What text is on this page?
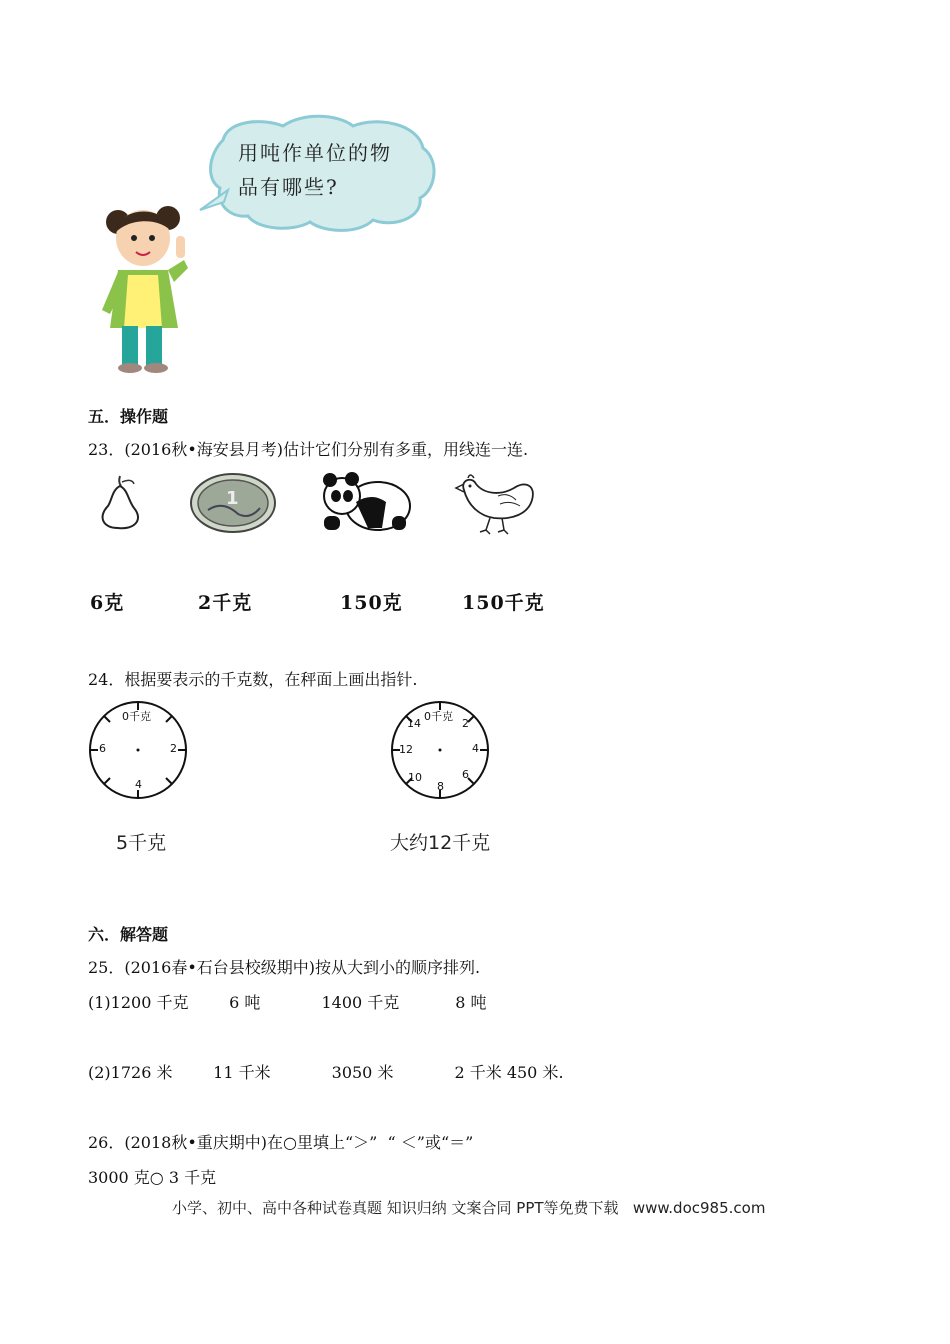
用吨作单位的物
品有哪些?
五．操作题
23．(2016秋•海安县月考)估计它们分别有多重，用线连一连.
1
6克	2千克	150克	150千克
24．根据要表示的千克数，在秤面上画出指针.
0千克
2
4
6
5千克
0千克
2
4
6
8
10
12
14
大约12千克
六．解答题
25．(2016春•石台县校级期中)按从大到小的顺序排列.
(1)1200 千克        6 吨            1400 千克           8 吨
(2)1726 米        11 千米            3050 米            2 千米 450 米.
26．(2018秋•重庆期中)在○里填上“＞”  “ ＜”或“＝”
3000 克○ 3 千克
小学、初中、高中各种试卷真题 知识归纳 文案合同 PPT等免费下载   www.doc985.com
